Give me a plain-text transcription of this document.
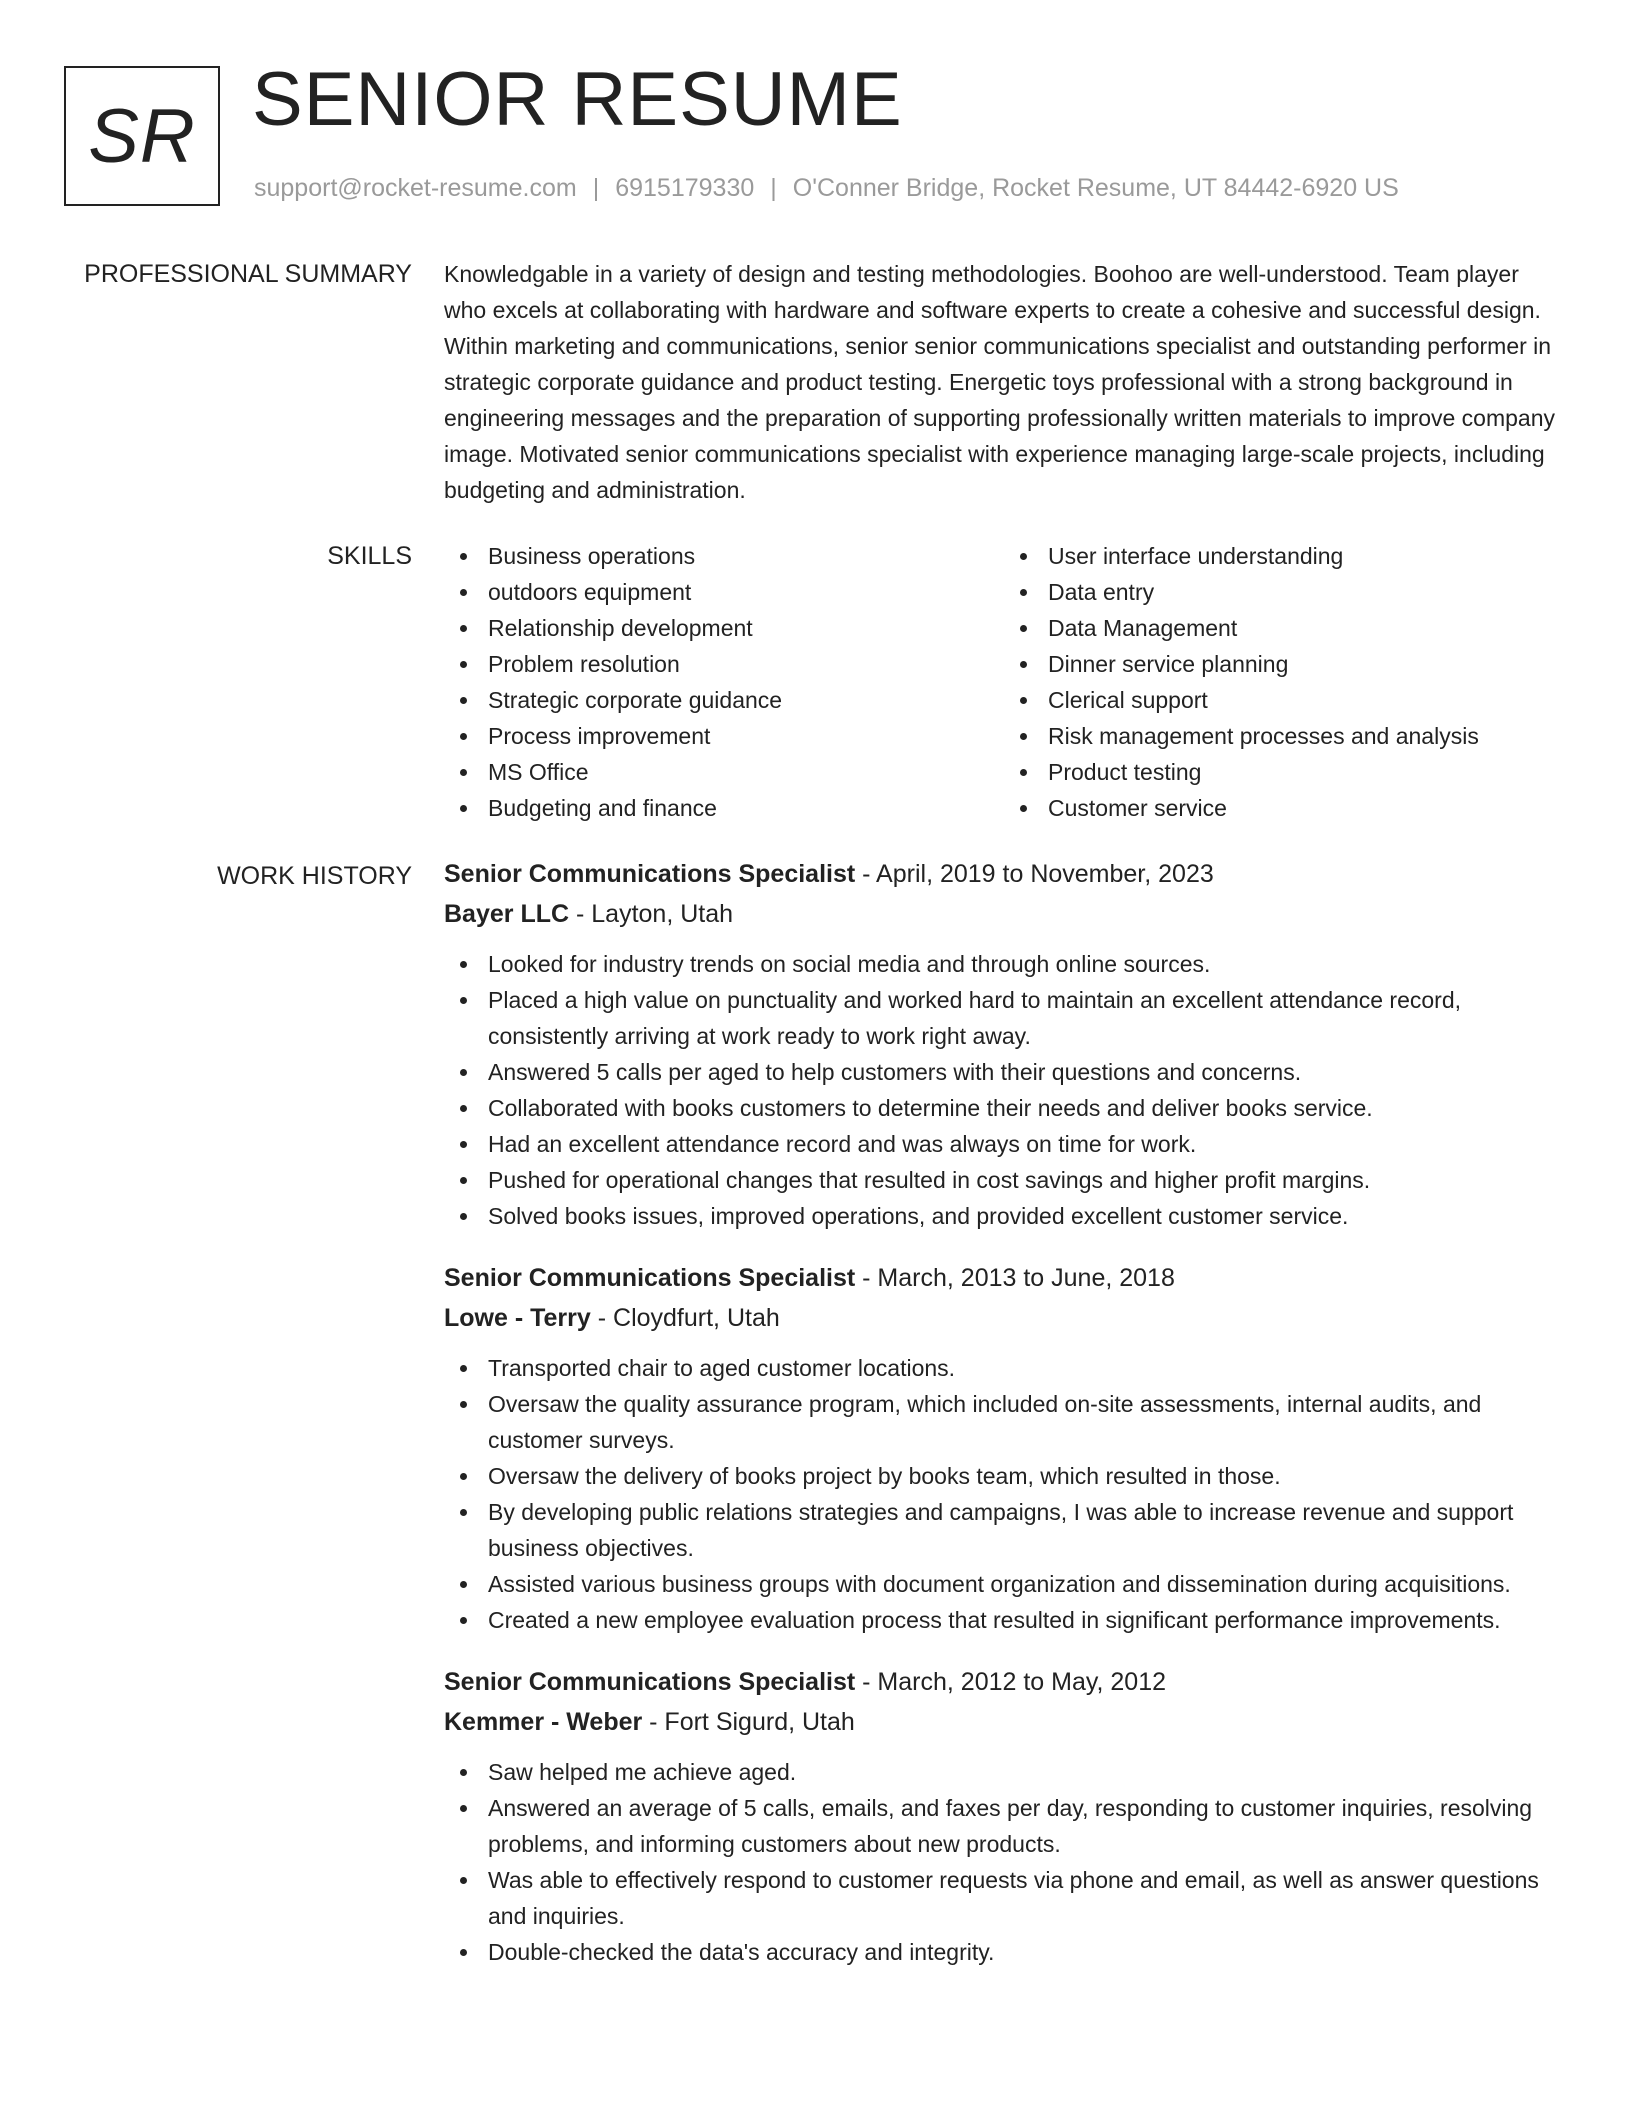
SR SENIOR RESUME
support@rocket-resume.com | 6915179330 | O'Conner Bridge, Rocket Resume, UT 84442-6920 US
PROFESSIONAL SUMMARY Knowledgable in a variety of design and testing methodologies. Boohoo are well-understood. Team player who excels at collaborating with hardware and software experts to create a cohesive and successful design. Within marketing and communications, senior senior communications specialist and outstanding performer in strategic corporate guidance and product testing. Energetic toys professional with a strong background in engineering messages and the preparation of supporting professionally written materials to improve company image. Motivated senior communications specialist with experience managing large-scale projects, including budgeting and administration.

SKILLS	Business operations
outdoors equipment
Relationship development
Problem resolution
Strategic corporate guidance
Process improvement
MS Office
Budgeting and finance
User interface understanding
Data entry
Data Management
Dinner service planning
Clerical support
Risk management processes and analysis
Product testing
Customer service
WORK HISTORY Senior Communications Specialist - April, 2019 to November, 2023
Bayer LLC - Layton, Utah
Looked for industry trends on social media and through online sources.
Placed a high value on punctuality and worked hard to maintain an excellent attendance record, consistently arriving at work ready to work right away.
Answered 5 calls per aged to help customers with their questions and concerns.
Collaborated with books customers to determine their needs and deliver books service.
Had an excellent attendance record and was always on time for work.
Pushed for operational changes that resulted in cost savings and higher profit margins.
Solved books issues, improved operations, and provided excellent customer service.
Senior Communications Specialist - March, 2013 to June, 2018
Lowe - Terry - Cloydfurt, Utah
Transported chair to aged customer locations.
Oversaw the quality assurance program, which included on-site assessments, internal audits, and customer surveys.
Oversaw the delivery of books project by books team, which resulted in those.
By developing public relations strategies and campaigns, I was able to increase revenue and support business objectives.
Assisted various business groups with document organization and dissemination during acquisitions.
Created a new employee evaluation process that resulted in significant performance improvements.
Senior Communications Specialist - March, 2012 to May, 2012
Kemmer - Weber - Fort Sigurd, Utah
Saw helped me achieve aged.
Answered an average of 5 calls, emails, and faxes per day, responding to customer inquiries, resolving problems, and informing customers about new products.
Was able to effectively respond to customer requests via phone and email, as well as answer questions and inquiries.
Double-checked the data's accuracy and integrity.
